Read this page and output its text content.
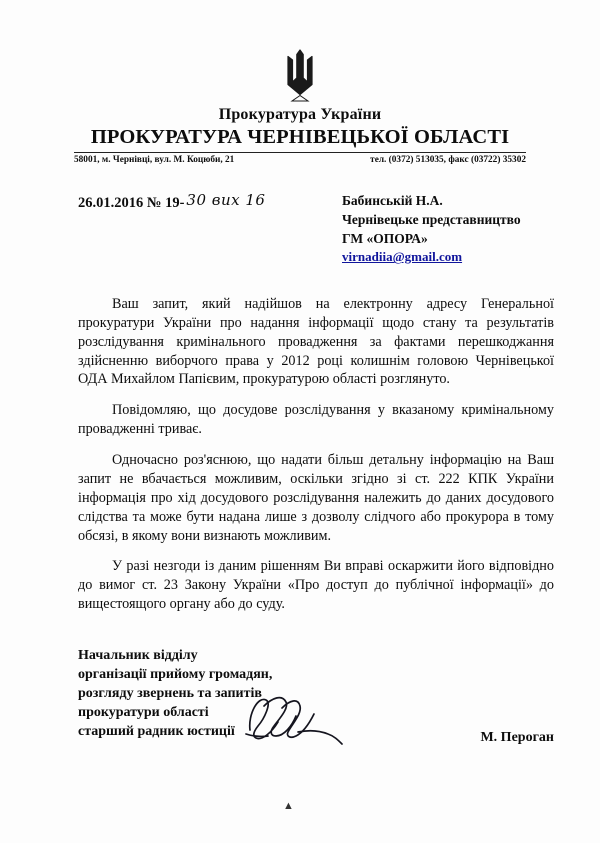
Прокуратура України
ПРОКУРАТУРА ЧЕРНІВЕЦЬКОЇ ОБЛАСТІ
58001, м. Чернівці, вул. М. Коцюби, 21	тел. (0372) 513035, факс (03722) 35302
26.01.2016 № 19- 30 вих 16	Бабинській Н.А.
Чернівецьке представництво
ГМ «ОПОРА»
virnadiia@gmail.com

Ваш запит, який надійшов на електронну адресу Генеральної прокуратури України про надання інформації щодо стану та результатів розслідування кримінального провадження за фактами перешкоджання здійсненню виборчого права у 2012 році колишнім головою Чернівецької ОДА Михайлом Папієвим, прокуратурою області розглянуто.

Повідомляю, що досудове розслідування у вказаному кримінальному провадженні триває.

Одночасно роз'яснюю, що надати більш детальну інформацію на Ваш запит не вбачається можливим, оскільки згідно зі ст. 222 КПК України інформація про хід досудового розслідування належить до даних досудового слідства та може бути надана лише з дозволу слідчого або прокурора в тому обсязі, в якому вони визнають можливим.

У разі незгоди із даним рішенням Ви вправі оскаржити його відповідно до вимог ст. 23 Закону України «Про доступ до публічної інформації» до вищестоящого органу або до суду.

Начальник відділу
організації прийому громадян,
розгляду звернень та запитів
прокуратури області
старший радник юстиції	М. Пероган
▲
